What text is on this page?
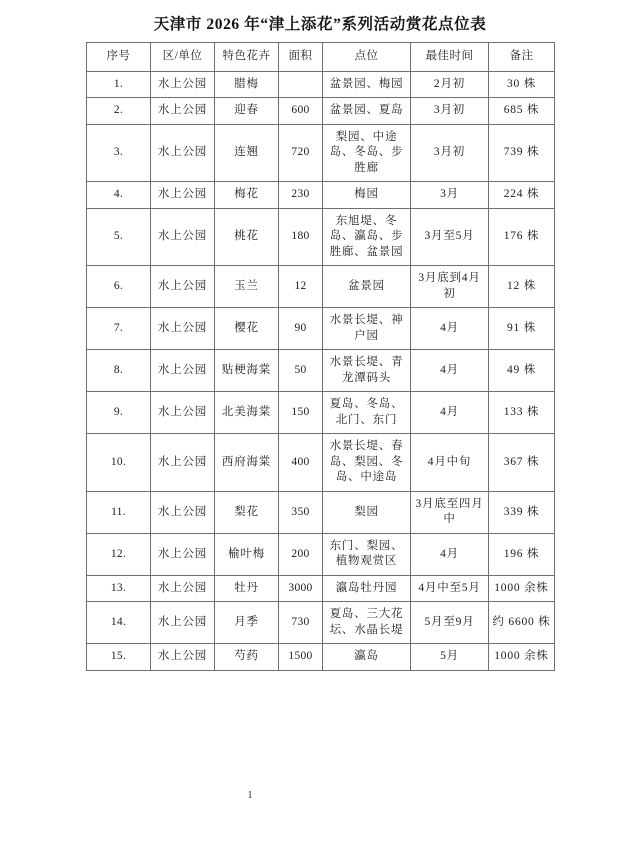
天津市 2026 年“津上添花”系列活动赏花点位表
序号	区/单位	特色花卉	面积	点位	最佳时间	备注
1.	水上公园	腊梅		盆景园、梅园	2月初	30 株
2.	水上公园	迎春	600	盆景园、夏岛	3月初	685 株
3.	水上公园	连翘	720	梨园、中途岛、冬岛、步胜廊	3月初	739 株
4.	水上公园	梅花	230	梅园	3月	224 株
5.	水上公园	桃花	180	东旭堤、冬岛、瀛岛、步胜廊、盆景园	3月至5月	176 株
6.	水上公园	玉兰	12	盆景园	3月底到4月初	12 株
7.	水上公园	樱花	90	水景长堤、神户园	4月	91 株
8.	水上公园	贴梗海棠	50	水景长堤、青龙潭码头	4月	49 株
9.	水上公园	北美海棠	150	夏岛、冬岛、北门、东门	4月	133 株
10.	水上公园	西府海棠	400	水景长堤、春岛、梨园、冬岛、中途岛	4月中旬	367 株
11.	水上公园	梨花	350	梨园	3月底至四月中	339 株
12.	水上公园	榆叶梅	200	东门、梨园、植物观赏区	4月	196 株
13.	水上公园	牡丹	3000	瀛岛牡丹园	4月中至5月	1000 余株
14.	水上公园	月季	730	夏岛、三大花坛、水晶长堤	5月至9月	约 6600 株
15.	水上公园	芍药	1500	瀛岛	5月	1000 余株
1
